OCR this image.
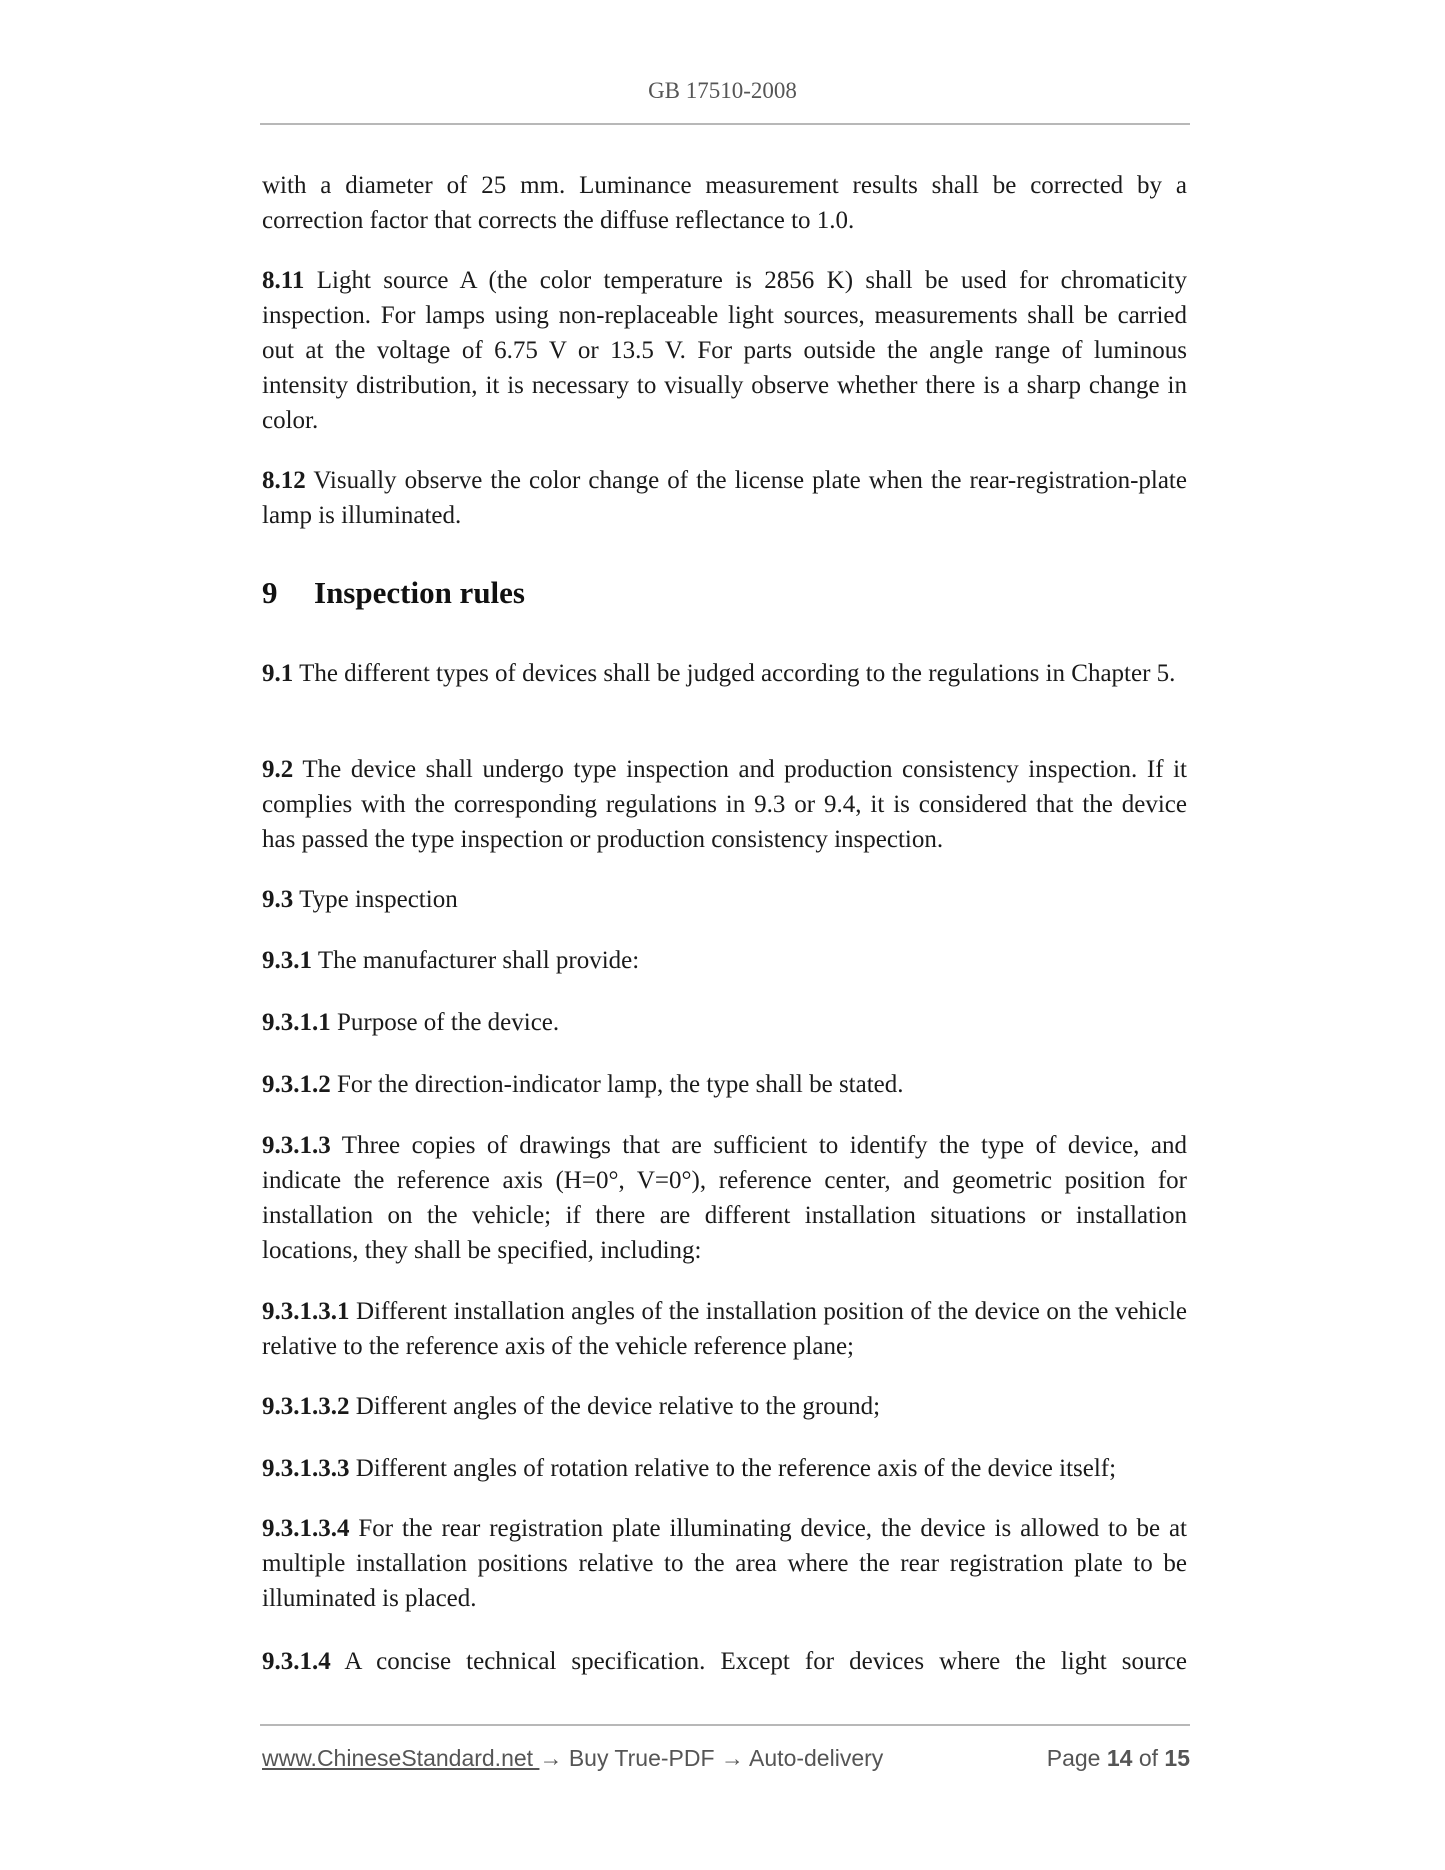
GB 17510-2008

with a diameter of 25 mm. Luminance measurement results shall be corrected by a correction factor that corrects the diffuse reflectance to 1.0.

8.11 Light source A (the color temperature is 2856 K) shall be used for chromaticity inspection. For lamps using non-replaceable light sources, measurements shall be carried out at the voltage of 6.75 V or 13.5 V. For parts outside the angle range of luminous intensity distribution, it is necessary to visually observe whether there is a sharp change in color.

8.12 Visually observe the color change of the license plate when the rear-registration-plate lamp is illuminated.

9 Inspection rules

9.1 The different types of devices shall be judged according to the regulations in Chapter 5.

9.2 The device shall undergo type inspection and production consistency inspection. If it complies with the corresponding regulations in 9.3 or 9.4, it is considered that the device has passed the type inspection or production consistency inspection.

9.3 Type inspection

9.3.1 The manufacturer shall provide:

9.3.1.1 Purpose of the device.

9.3.1.2 For the direction-indicator lamp, the type shall be stated.

9.3.1.3 Three copies of drawings that are sufficient to identify the type of device, and indicate the reference axis (H=0°, V=0°), reference center, and geometric position for installation on the vehicle; if there are different installation situations or installation locations, they shall be specified, including:

9.3.1.3.1 Different installation angles of the installation position of the device on the vehicle relative to the reference axis of the vehicle reference plane;

9.3.1.3.2 Different angles of the device relative to the ground;

9.3.1.3.3 Different angles of rotation relative to the reference axis of the device itself;

9.3.1.3.4 For the rear registration plate illuminating device, the device is allowed to be at multiple installation positions relative to the area where the rear registration plate to be illuminated is placed.

9.3.1.4 A concise technical specification. Except for devices where the light source

www.ChineseStandard.net → Buy True-PDF → Auto-delivery	Page 14 of 15
